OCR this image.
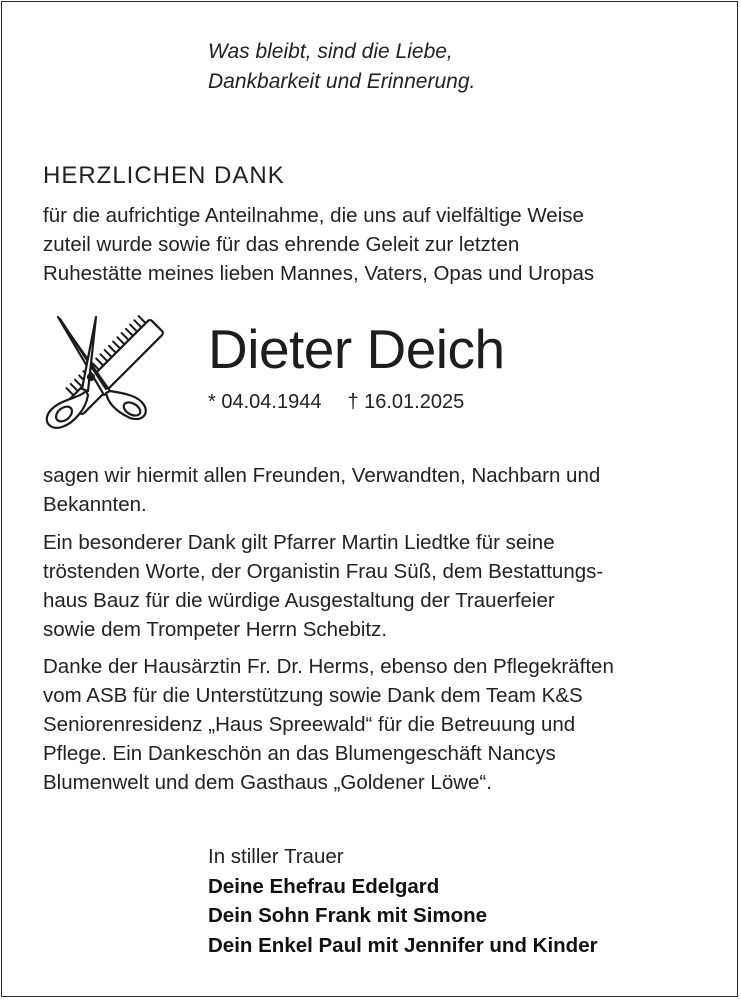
Was bleibt, sind die Liebe,
Dankbarkeit und Erinnerung.
HERZLICHEN DANK
für die aufrichtige Anteilnahme, die uns auf vielfältige Weise
zuteil wurde sowie für das ehrende Geleit zur letzten
Ruhestätte meines lieben Mannes, Vaters, Opas und Uropas
Dieter Deich
* 04.04.1944 † 16.01.2025
sagen wir hiermit allen Freunden, Verwandten, Nachbarn und
Bekannten.
Ein besonderer Dank gilt Pfarrer Martin Liedtke für seine
tröstenden Worte, der Organistin Frau Süß, dem Bestattungs-
haus Bauz für die würdige Ausgestaltung der Trauerfeier
sowie dem Trompeter Herrn Schebitz.
Danke der Hausärztin Fr. Dr. Herms, ebenso den Pflegekräften
vom ASB für die Unterstützung sowie Dank dem Team K&S
Seniorenresidenz „Haus Spreewald“ für die Betreuung und
Pflege. Ein Dankeschön an das Blumengeschäft Nancys
Blumenwelt und dem Gasthaus „Goldener Löwe“.
In stiller Trauer
Deine Ehefrau Edelgard
Dein Sohn Frank mit Simone
Dein Enkel Paul mit Jennifer und Kinder
